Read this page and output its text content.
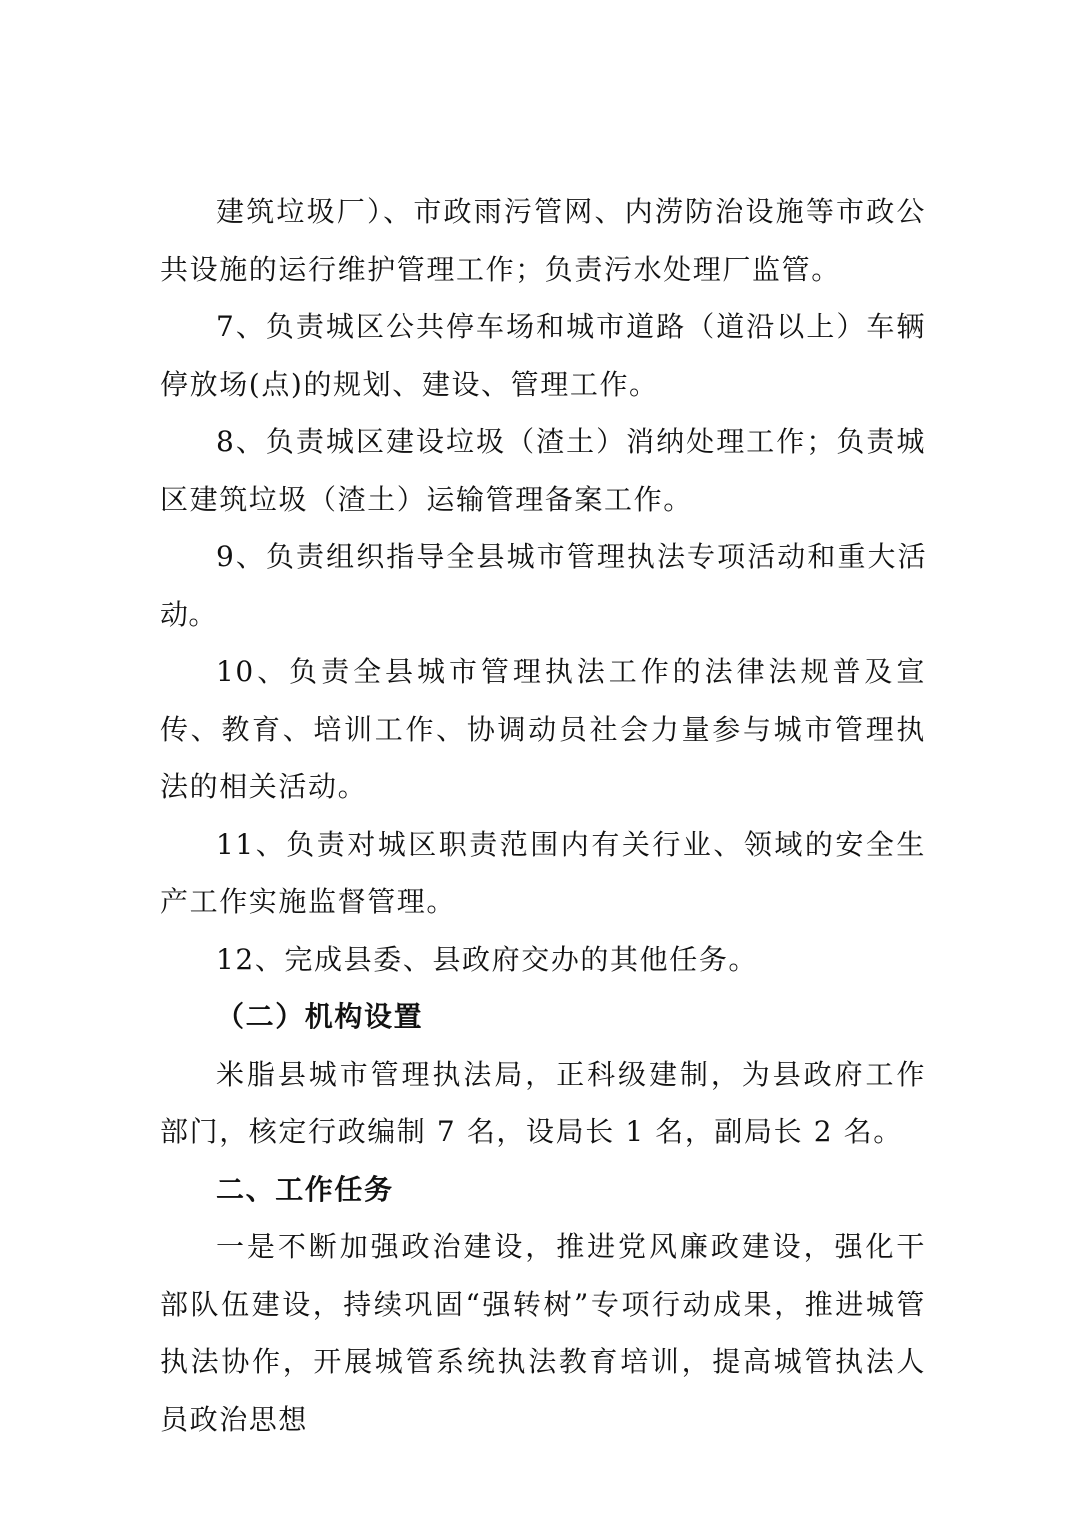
建筑垃圾厂）、市政雨污管网、内涝防治设施等市政公共设施的运行维护管理工作；负责污水处理厂监管。

7、负责城区公共停车场和城市道路（道沿以上）车辆停放场(点)的规划、建设、管理工作。

8、负责城区建设垃圾（渣土）消纳处理工作；负责城区建筑垃圾（渣土）运输管理备案工作。

9、负责组织指导全县城市管理执法专项活动和重大活动。

10、负责全县城市管理执法工作的法律法规普及宣传、教育、培训工作、协调动员社会力量参与城市管理执法的相关活动。

11、负责对城区职责范围内有关行业、领域的安全生产工作实施监督管理。

12、完成县委、县政府交办的其他任务。

（二）机构设置

米脂县城市管理执法局，正科级建制，为县政府工作部门，核定行政编制 7 名，设局长 1 名，副局长 2 名。

二、工作任务

一是不断加强政治建设，推进党风廉政建设，强化干部队伍建设，持续巩固“强转树”专项行动成果，推进城管执法协作，开展城管系统执法教育培训，提高城管执法人员政治思想
